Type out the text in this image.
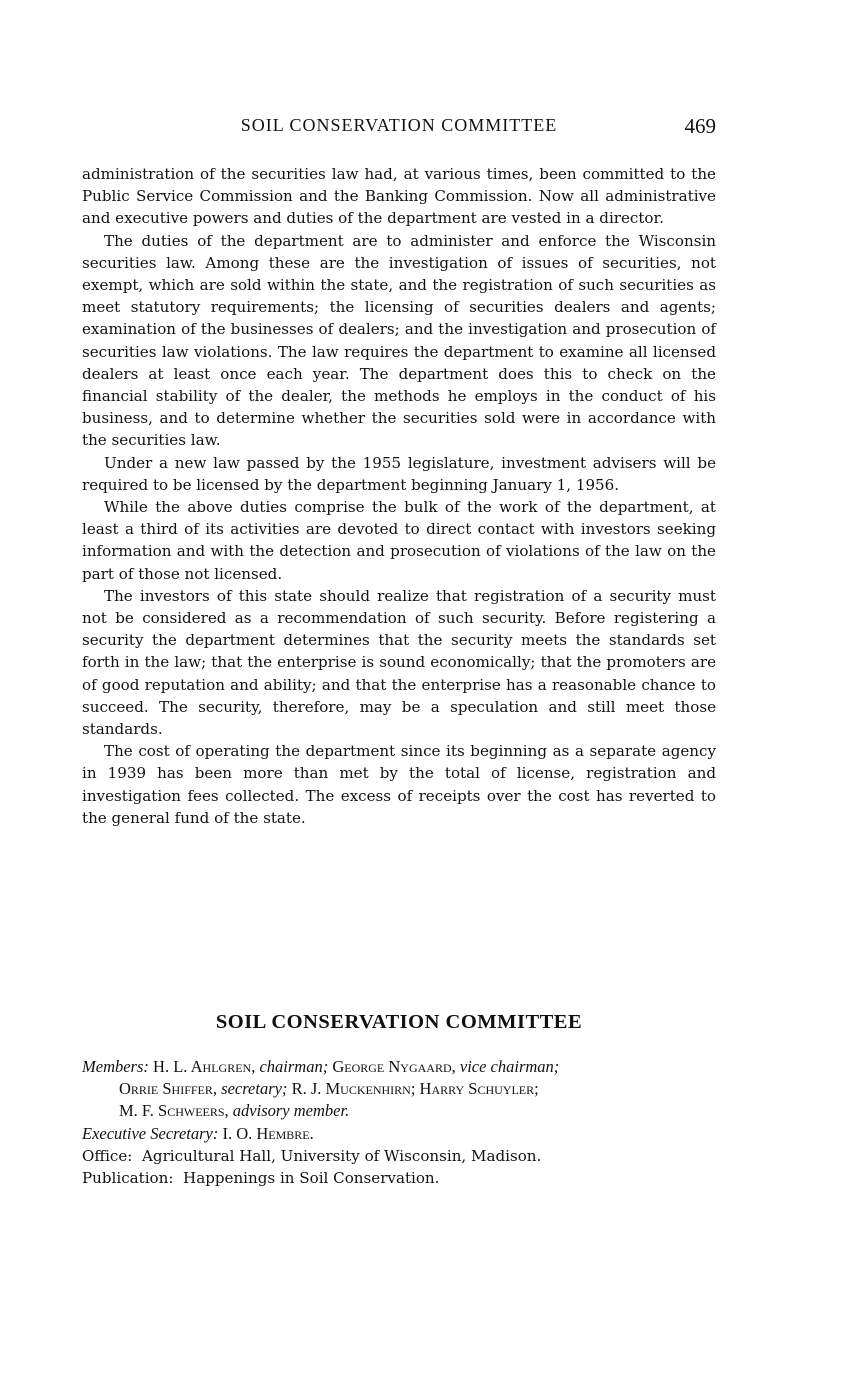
SOIL CONSERVATION COMMITTEE	469

administration of the securities law had, at various times, been committed to the Public Service Commission and the Banking Commission. Now all administrative and executive powers and duties of the department are vested in a director.

The duties of the department are to administer and enforce the Wisconsin securities law. Among these are the investigation of issues of securities, not exempt, which are sold within the state, and the registration of such securities as meet statutory requirements; the licensing of securities dealers and agents; examination of the businesses of dealers; and the investigation and prosecution of securities law violations. The law requires the department to examine all licensed dealers at least once each year. The department does this to check on the financial stability of the dealer, the methods he employs in the conduct of his business, and to determine whether the securities sold were in accordance with the securities law.

Under a new law passed by the 1955 legislature, investment advisers will be required to be licensed by the department beginning January 1, 1956.

While the above duties comprise the bulk of the work of the department, at least a third of its activities are devoted to direct contact with investors seeking information and with the detection and prosecution of violations of the law on the part of those not licensed.

The investors of this state should realize that registration of a security must not be considered as a recommendation of such security. Before registering a security the department determines that the security meets the standards set forth in the law; that the enterprise is sound economically; that the promoters are of good reputation and ability; and that the enterprise has a reasonable chance to succeed. The security, therefore, may be a speculation and still meet those standards.

The cost of operating the department since its beginning as a separate agency in 1939 has been more than met by the total of license, registration and investigation fees collected. The excess of receipts over the cost has reverted to the general fund of the state.

SOIL CONSERVATION COMMITTEE

Members: H. L. Ahlgren, chairman; George Nygaard, vice chairman;

Orrie Shiffer, secretary; R. J. Muckenhirn; Harry Schuyler;

M. F. Schweers, advisory member.

Executive Secretary: I. O. Hembre.

Office: Agricultural Hall, University of Wisconsin, Madison.

Publication: Happenings in Soil Conservation.
